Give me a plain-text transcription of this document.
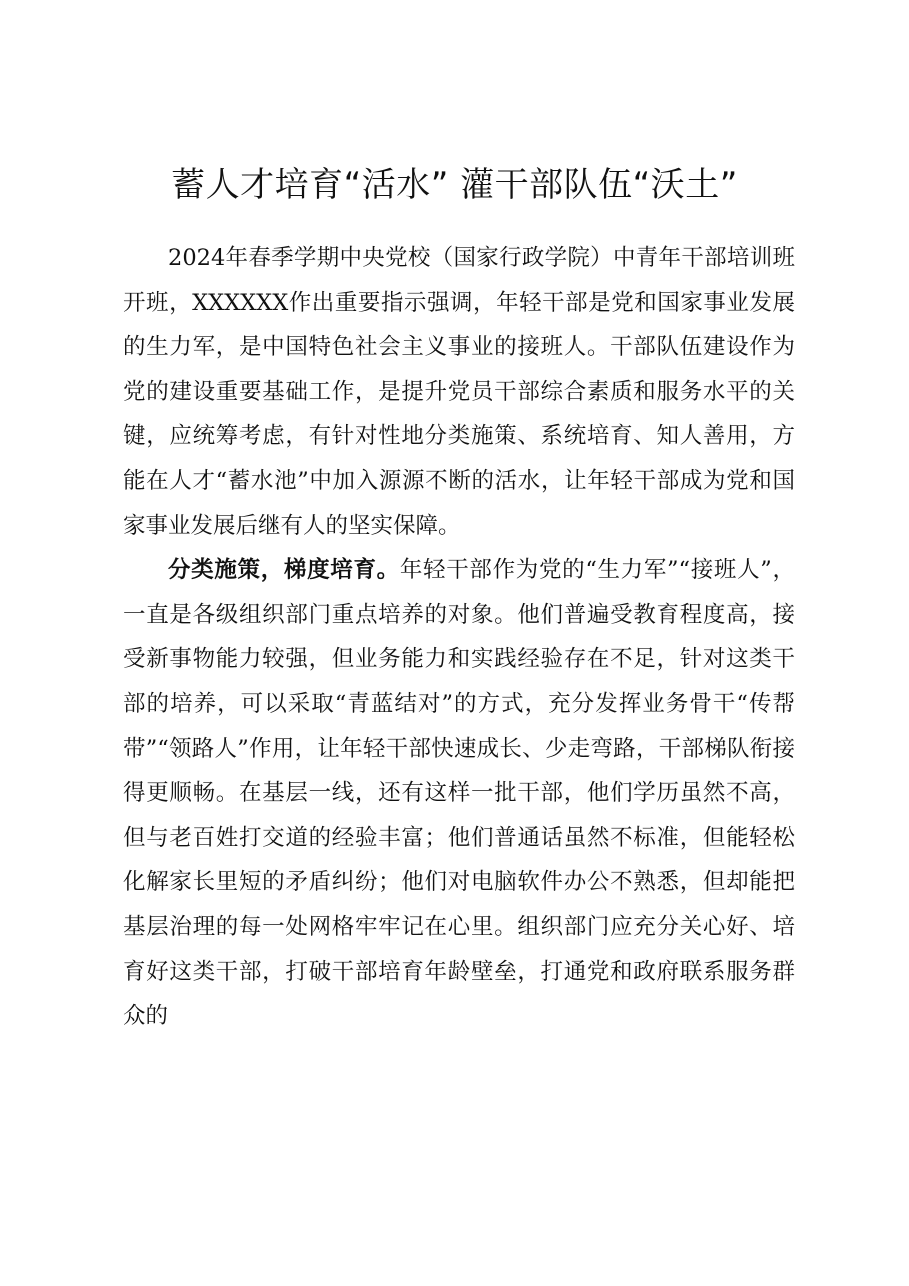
蓄人才培育“活水” 灌干部队伍“沃土”

2024年春季学期中央党校（国家行政学院）中青年干部培训班开班，XXXXXX作出重要指示强调，年轻干部是党和国家事业发展的生力军，是中国特色社会主义事业的接班人。干部队伍建设作为党的建设重要基础工作，是提升党员干部综合素质和服务水平的关键，应统筹考虑，有针对性地分类施策、系统培育、知人善用，方能在人才“蓄水池”中加入源源不断的活水，让年轻干部成为党和国家事业发展后继有人的坚实保障。

分类施策，梯度培育。年轻干部作为党的“生力军”“接班人”，一直是各级组织部门重点培养的对象。他们普遍受教育程度高，接受新事物能力较强，但业务能力和实践经验存在不足，针对这类干部的培养，可以采取“青蓝结对”的方式，充分发挥业务骨干“传帮带”“领路人”作用，让年轻干部快速成长、少走弯路，干部梯队衔接得更顺畅。在基层一线，还有这样一批干部，他们学历虽然不高，但与老百姓打交道的经验丰富；他们普通话虽然不标准，但能轻松化解家长里短的矛盾纠纷；他们对电脑软件办公不熟悉，但却能把基层治理的每一处网格牢牢记在心里。组织部门应充分关心好、培育好这类干部，打破干部培育年龄壁垒，打通党和政府联系服务群众的
